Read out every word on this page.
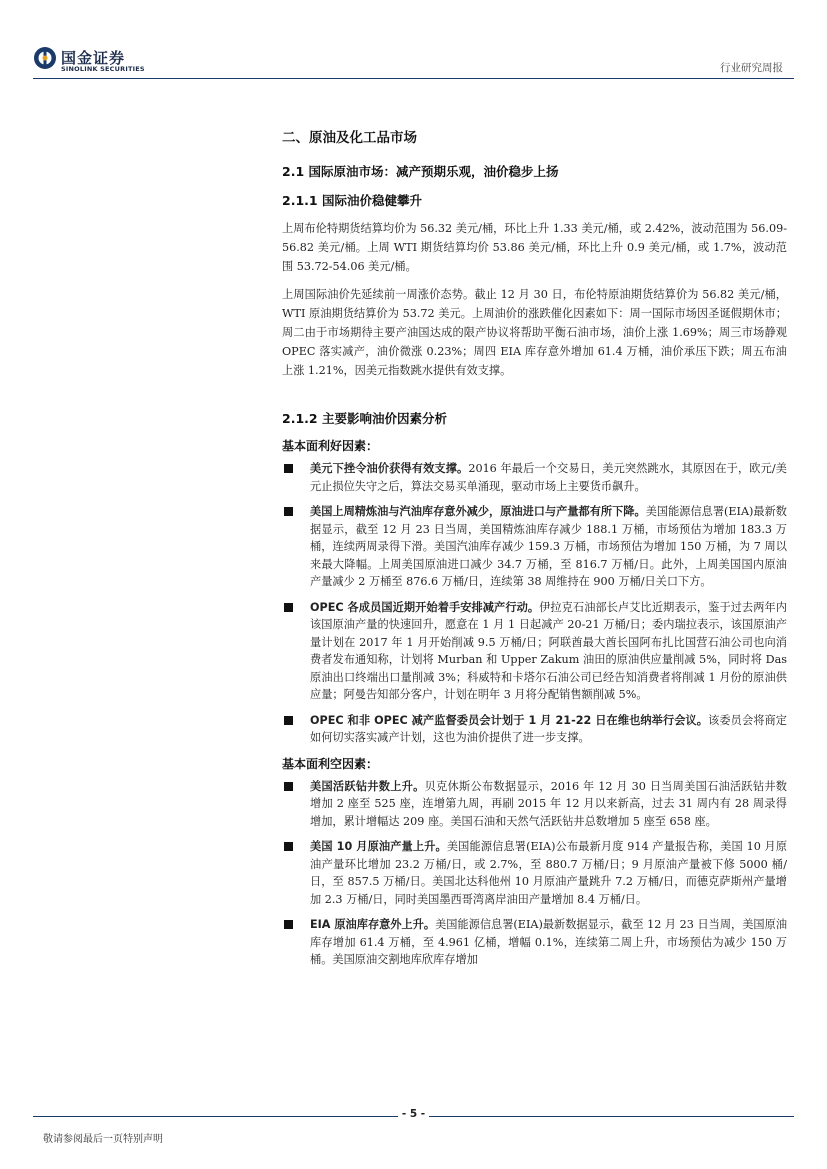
国金证券
SINOLINK SECURITIES	行业研究周报
二、原油及化工品市场
2.1 国际原油市场：减产预期乐观，油价稳步上扬
2.1.1 国际油价稳健攀升

上周布伦特期货结算均价为 56.32 美元/桶，环比上升 1.33 美元/桶，或 2.42%，波动范围为 56.09-56.82 美元/桶。上周 WTI 期货结算均价 53.86 美元/桶，环比上升 0.9 美元/桶，或 1.7%，波动范围 53.72-54.06 美元/桶。

上周国际油价先延续前一周涨价态势。截止 12 月 30 日，布伦特原油期货结算价为 56.82 美元/桶，WTI 原油期货结算价为 53.72 美元。上周油价的涨跌催化因素如下：周一国际市场因圣诞假期休市；周二由于市场期待主要产油国达成的限产协议将帮助平衡石油市场，油价上涨 1.69%；周三市场静观 OPEC 落实减产，油价微涨 0.23%；周四 EIA 库存意外增加 61.4 万桶，油价承压下跌；周五布油上涨 1.21%，因美元指数跳水提供有效支撑。

2.1.2 主要影响油价因素分析
基本面利好因素：
美元下挫令油价获得有效支撑。2016 年最后一个交易日，美元突然跳水，其原因在于，欧元/美元止损位失守之后，算法交易买单涌现，驱动市场上主要货币飙升。
美国上周精炼油与汽油库存意外减少，原油进口与产量都有所下降。美国能源信息署(EIA)最新数据显示，截至 12 月 23 日当周，美国精炼油库存减少 188.1 万桶，市场预估为增加 183.3 万桶，连续两周录得下滑。美国汽油库存减少 159.3 万桶，市场预估为增加 150 万桶，为 7 周以来最大降幅。上周美国原油进口减少 34.7 万桶，至 816.7 万桶/日。此外，上周美国国内原油产量减少 2 万桶至 876.6 万桶/日，连续第 38 周维持在 900 万桶/日关口下方。
OPEC 各成员国近期开始着手安排减产行动。伊拉克石油部长卢艾比近期表示，鉴于过去两年内该国原油产量的快速回升，愿意在 1 月 1 日起减产 20-21 万桶/日；委内瑞拉表示，该国原油产量计划在 2017 年 1 月开始削减 9.5 万桶/日；阿联酋最大酋长国阿布扎比国营石油公司也向消费者发布通知称，计划将 Murban 和 Upper Zakum 油田的原油供应量削减 5%，同时将 Das 原油出口终端出口量削减 3%；科威特和卡塔尔石油公司已经告知消费者将削减 1 月份的原油供应量；阿曼告知部分客户，计划在明年 3 月将分配销售额削减 5%。
OPEC 和非 OPEC 减产监督委员会计划于 1 月 21-22 日在维也纳举行会议。该委员会将商定如何切实落实减产计划，这也为油价提供了进一步支撑。
基本面利空因素：
美国活跃钻井数上升。贝克休斯公布数据显示，2016 年 12 月 30 日当周美国石油活跃钻井数增加 2 座至 525 座，连增第九周，再刷 2015 年 12 月以来新高，过去 31 周内有 28 周录得增加，累计增幅达 209 座。美国石油和天然气活跃钻井总数增加 5 座至 658 座。
美国 10 月原油产量上升。美国能源信息署(EIA)公布最新月度 914 产量报告称，美国 10 月原油产量环比增加 23.2 万桶/日，或 2.7%，至 880.7 万桶/日；9 月原油产量被下修 5000 桶/日，至 857.5 万桶/日。美国北达科他州 10 月原油产量跳升 7.2 万桶/日，而德克萨斯州产量增加 2.3 万桶/日，同时美国墨西哥湾离岸油田产量增加 8.4 万桶/日。
EIA 原油库存意外上升。美国能源信息署(EIA)最新数据显示，截至 12 月 23 日当周，美国原油库存增加 61.4 万桶，至 4.961 亿桶，增幅 0.1%，连续第二周上升，市场预估为减少 150 万桶。美国原油交割地库欣库存增加
- 5 -
敬请参阅最后一页特别声明
